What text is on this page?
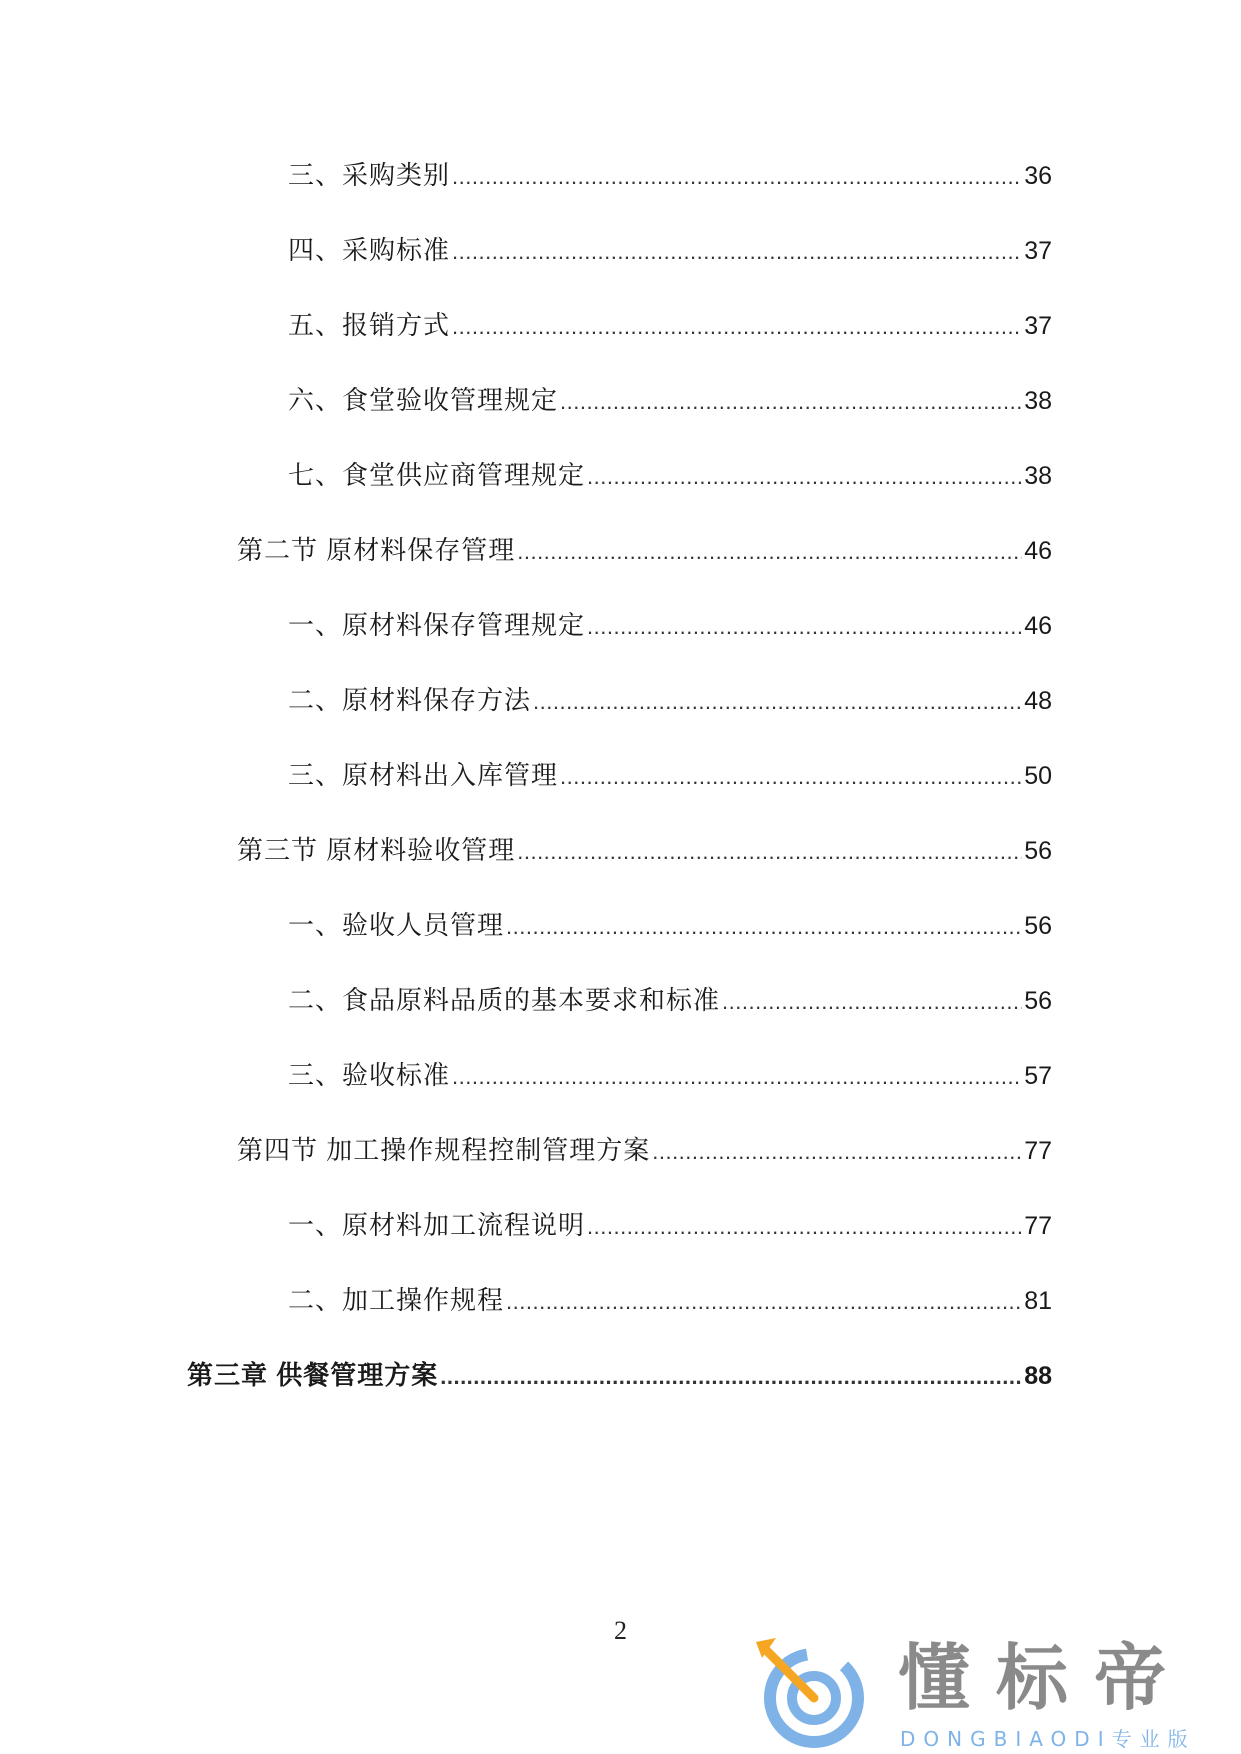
三、采购类别 .....	36
四、采购标准 .....	37
五、报销方式 .....	37
六、食堂验收管理规定 .....	38
七、食堂供应商管理规定 .....	38
第二节 原材料保存管理 .....	46
一、原材料保存管理规定 .....	46
二、原材料保存方法 .....	48
三、原材料出入库管理 .....	50
第三节 原材料验收管理 .....	56
一、验收人员管理 .....	56
二、食品原料品质的基本要求和标准 .....	56
三、验收标准 .....	57
第四节 加工操作规程控制管理方案 .....	77
一、原材料加工流程说明 .....	77
二、加工操作规程 .....	81
第三章 供餐管理方案 .....	88
2
懂标帝
DONGBIAODI专业版
